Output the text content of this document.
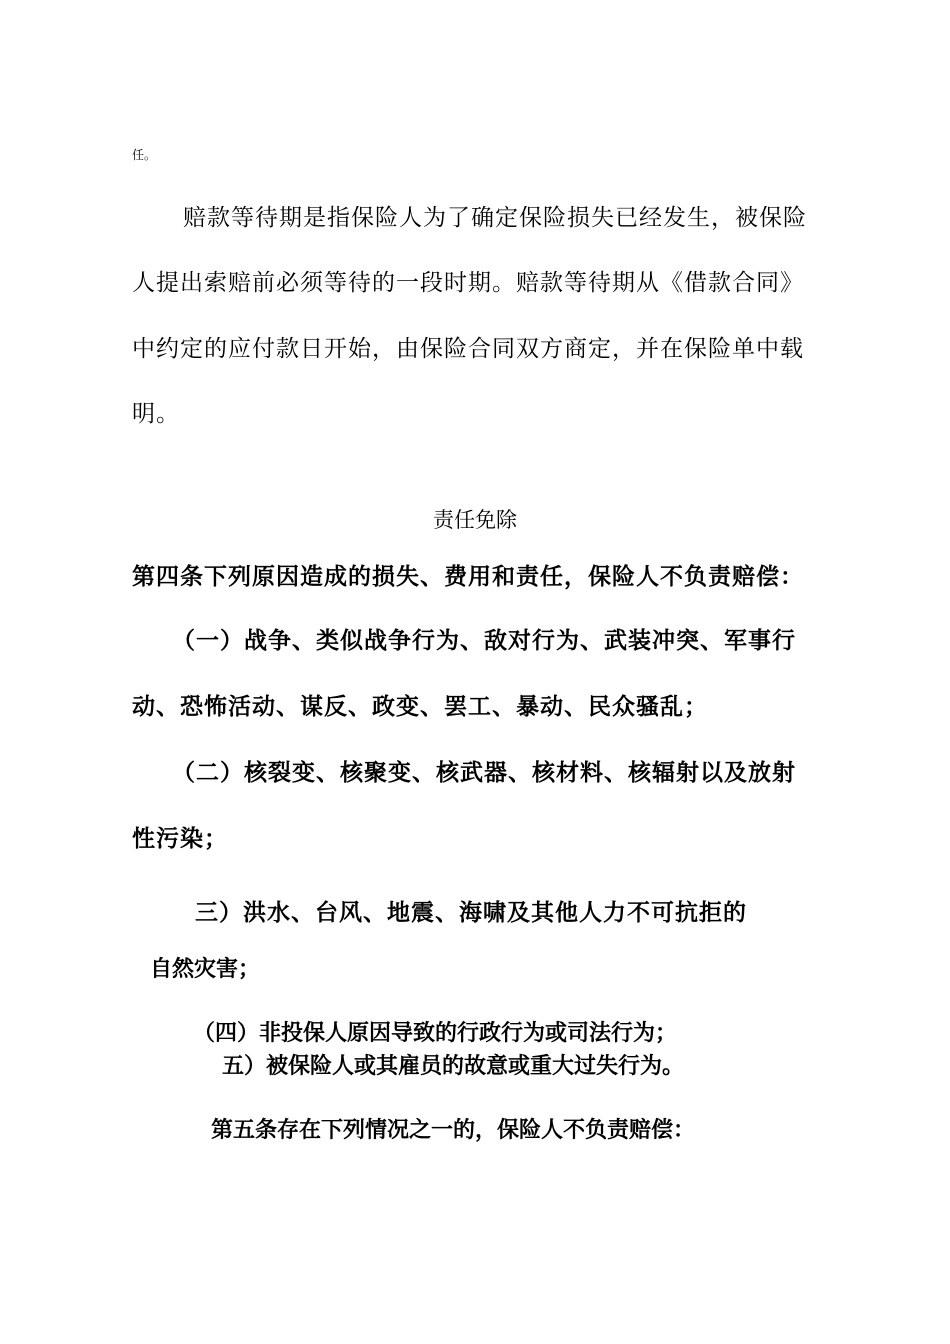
任。
赔款等待期是指保险人为了确定保险损失已经发生，被保险
人提出索赔前必须等待的一段时期。赔款等待期从《借款合同》
中约定的应付款日开始，由保险合同双方商定，并在保险单中载
明。
责任免除
第四条下列原因造成的损失、费用和责任，保险人不负责赔偿：
（一）战争、类似战争行为、敌对行为、武装冲突、军事行
动、恐怖活动、谋反、政变、罢工、暴动、民众骚乱；
（二）核裂变、核聚变、核武器、核材料、核辐射以及放射
性污染；
三）洪水、台风、地震、海啸及其他人力不可抗拒的
自然灾害；
（四）非投保人原因导致的行政行为或司法行为；
五）被保险人或其雇员的故意或重大过失行为。
第五条存在下列情况之一的，保险人不负责赔偿：
